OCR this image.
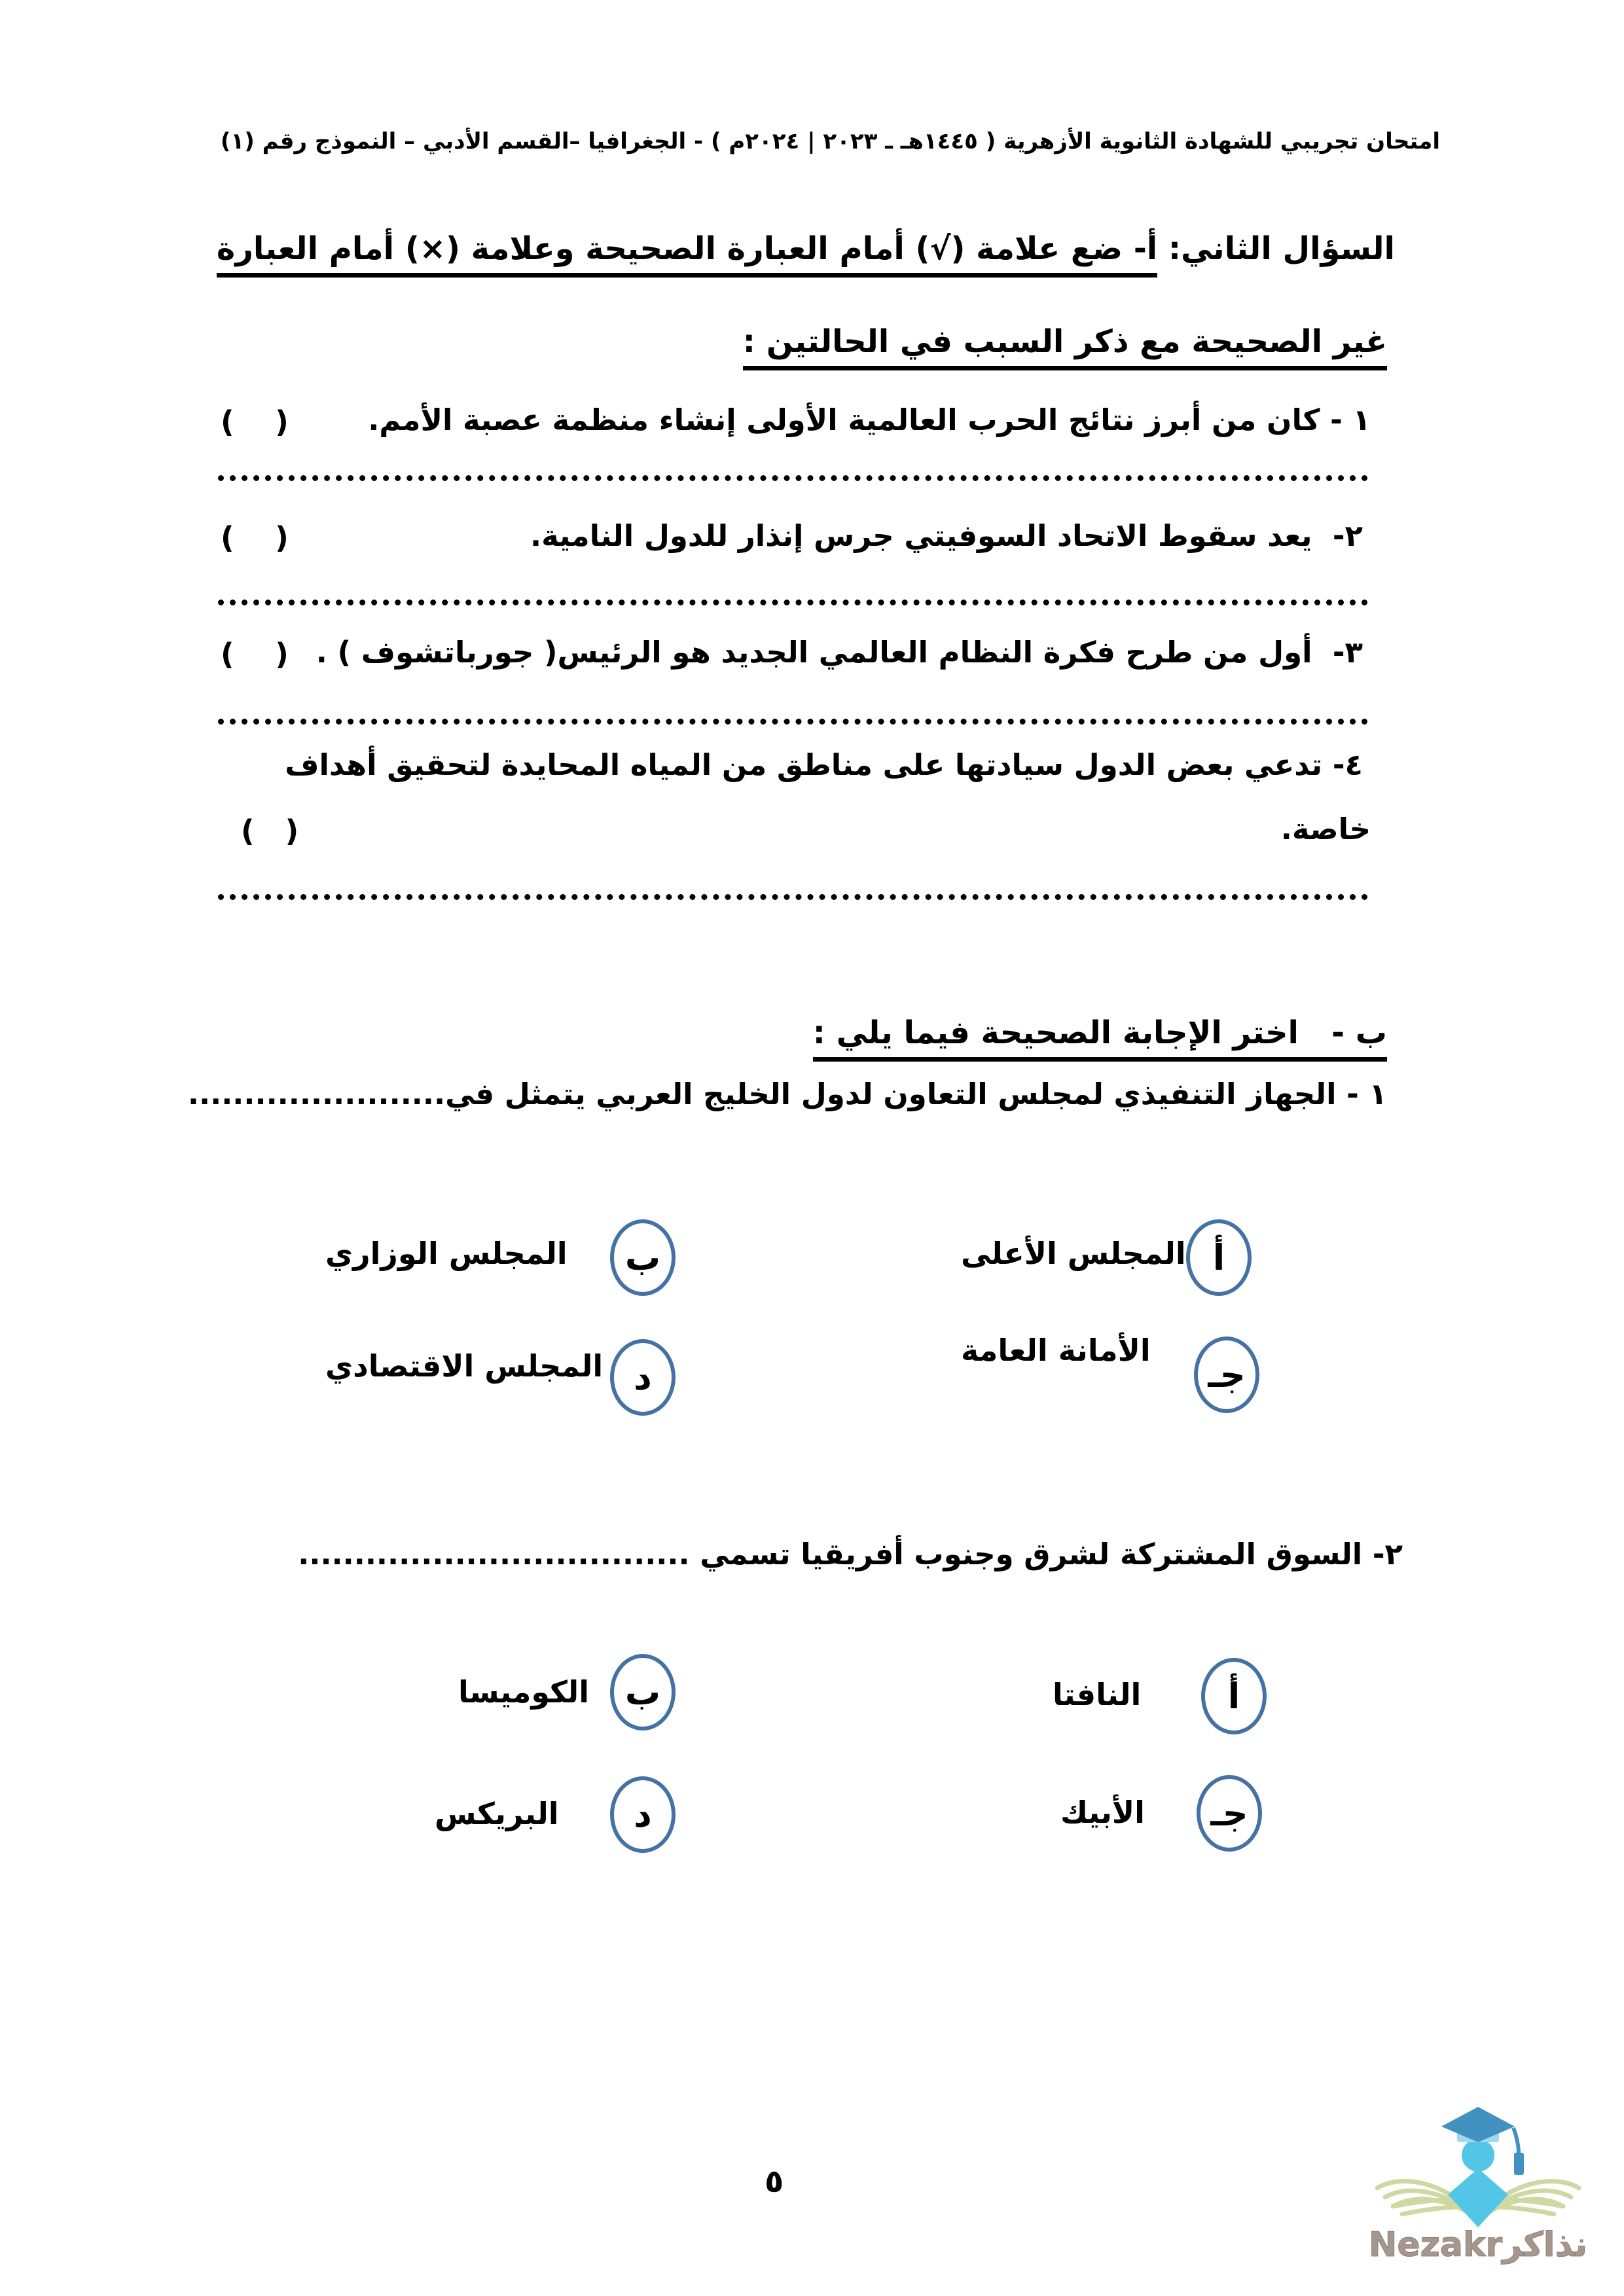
امتحان تجريبي للشهادة الثانوية الأزهرية ( ١٤٤٥هـ ـ ٢٠٢٣ | ٢٠٢٤م ) - الجغرافيا –القسم الأدبي – النموذج رقم (١)
السؤال الثاني: أ- ضع علامة (√) أمام العبارة الصحيحة وعلامة (×) أمام العبارة
غير الصحيحة مع ذكر السبب في الحالتين :
١ - كان من أبرز نتائج الحرب العالمية الأولى إنشاء منظمة عصبة الأمم.
(    )
٢-  يعد سقوط الاتحاد السوفيتي جرس إنذار للدول النامية.
(    )
٣-  أول من طرح فكرة النظام العالمي الجديد هو الرئيس( جورباتشوف ) .
(    )
٤- تدعي بعض الدول سيادتها على مناطق من المياه المحايدة لتحقيق أهداف
خاصة.
(   )
ب -   اختر الإجابة الصحيحة فيما يلي :
١ - الجهاز التنفيذي لمجلس التعاون لدول الخليج العربي يتمثل في.......................
أ
المجلس الأعلى
ب
المجلس الوزاري
جـ
الأمانة العامة
د
المجلس الاقتصادي
٢- السوق المشتركة لشرق وجنوب أفريقيا تسمي ...................................
أ
النافتا
ب
الكوميسا
جـ
الأبيك
د
البريكس
٥
Nezakrنذاكر
